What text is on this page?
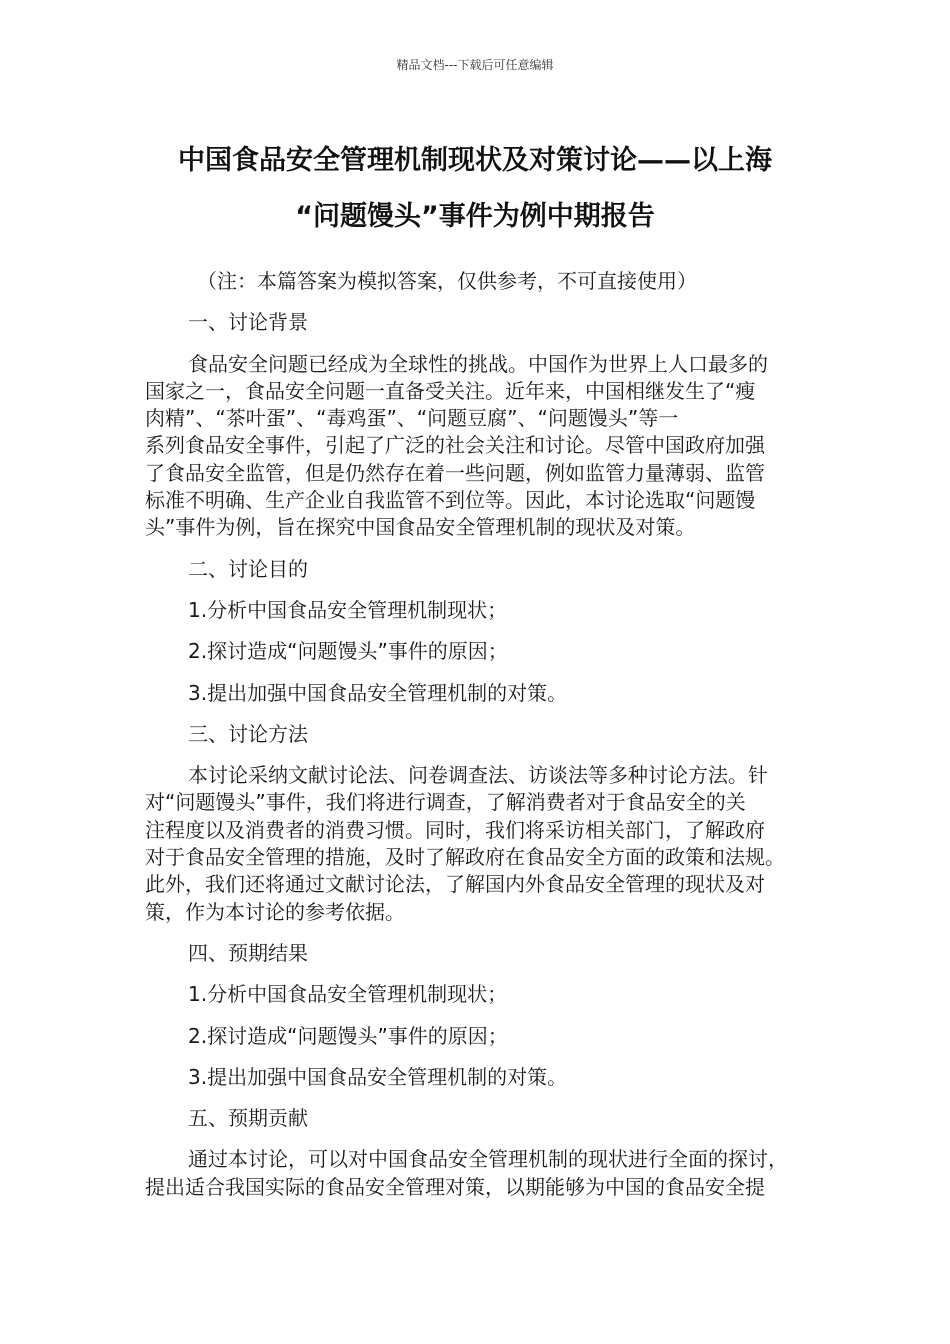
精品文档---下载后可任意编辑
中国食品安全管理机制现状及对策讨论——以上海
“问题馒头”事件为例中期报告
（注：本篇答案为模拟答案，仅供参考，不可直接使用）
一、讨论背景
食品安全问题已经成为全球性的挑战。中国作为世界上人口最多的
国家之一，食品安全问题一直备受关注。近年来，中国相继发生了“瘦
肉精”、“茶叶蛋”、“毒鸡蛋”、“问题豆腐”、“问题馒头”等一
系列食品安全事件，引起了广泛的社会关注和讨论。尽管中国政府加强
了食品安全监管，但是仍然存在着一些问题，例如监管力量薄弱、监管
标准不明确、生产企业自我监管不到位等。因此，本讨论选取“问题馒
头”事件为例，旨在探究中国食品安全管理机制的现状及对策。
二、讨论目的
1.分析中国食品安全管理机制现状；
2.探讨造成“问题馒头”事件的原因；
3.提出加强中国食品安全管理机制的对策。
三、讨论方法
本讨论采纳文献讨论法、问卷调查法、访谈法等多种讨论方法。针
对“问题馒头”事件，我们将进行调查，了解消费者对于食品安全的关
注程度以及消费者的消费习惯。同时，我们将采访相关部门，了解政府
对于食品安全管理的措施，及时了解政府在食品安全方面的政策和法规。
此外，我们还将通过文献讨论法，了解国内外食品安全管理的现状及对
策，作为本讨论的参考依据。
四、预期结果
1.分析中国食品安全管理机制现状；
2.探讨造成“问题馒头”事件的原因；
3.提出加强中国食品安全管理机制的对策。
五、预期贡献
通过本讨论，可以对中国食品安全管理机制的现状进行全面的探讨，
提出适合我国实际的食品安全管理对策，以期能够为中国的食品安全提
